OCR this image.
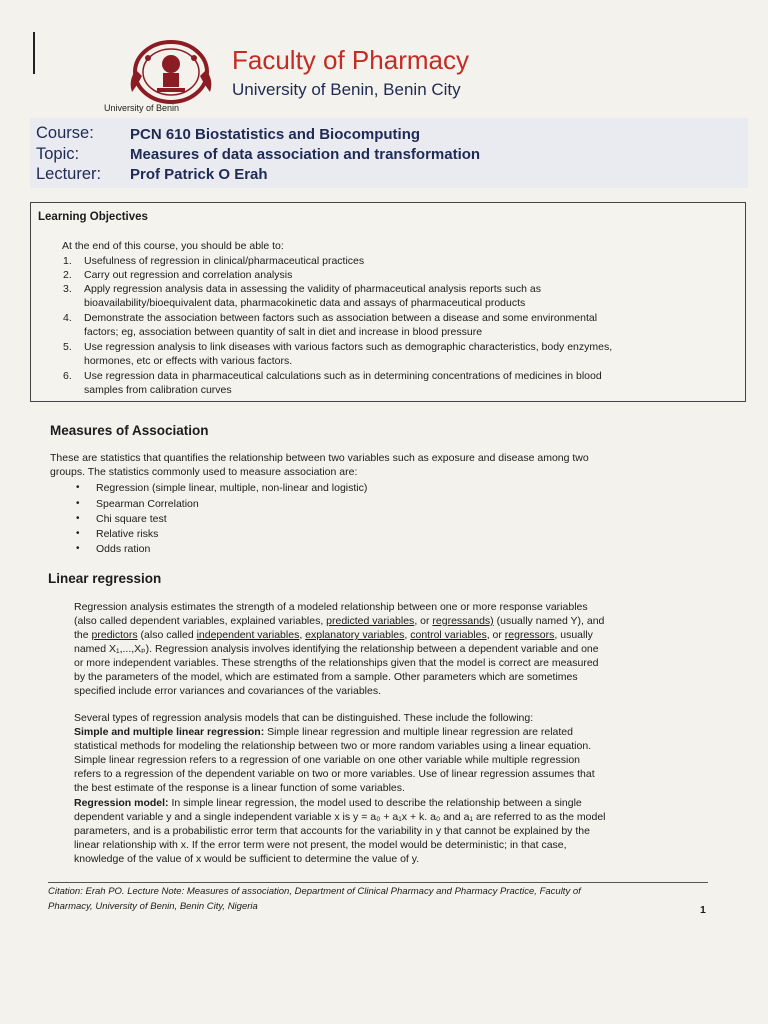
University of Benin
Faculty of Pharmacy
University of Benin, Benin City
Course: PCN 610 Biostatistics and Biocomputing
Topic:	Measures of data association and transformation
Lecturer: Prof Patrick O Erah
Learning Objectives
At the end of this course, you should be able to:
1. Usefulness of regression in clinical/pharmaceutical practices
2. Carry out regression and correlation analysis
3. Apply regression analysis data in assessing the validity of pharmaceutical analysis reports such as
bioavailability/bioequivalent data, pharmacokinetic data and assays of pharmaceutical products
4. Demonstrate the association between factors such as association between a disease and some environmental
factors; eg, association between quantity of salt in diet and increase in blood pressure
5. Use regression analysis to link diseases with various factors such as demographic characteristics, body enzymes,
hormones, etc or effects with various factors.
6. Use regression data in pharmaceutical calculations such as in determining concentrations of medicines in blood
samples from calibration curves
Measures of Association
These are statistics that quantifies the relationship between two variables such as exposure and disease among two
groups. The statistics commonly used to measure association are:
• Regression (simple linear, multiple, non-linear and logistic)
• Spearman Correlation
• Chi square test
• Relative risks
• Odds ration
Linear regression
Regression analysis estimates the strength of a modeled relationship between one or more response variables
(also called dependent variables, explained variables, predicted variables, or regressands) (usually named Y), and
the predictors (also called independent variables, explanatory variables, control variables, or regressors, usually
named X₁,...,Xₚ). Regression analysis involves identifying the relationship between a dependent variable and one
or more independent variables. These strengths of the relationships given that the model is correct are measured
by the parameters of the model, which are estimated from a sample. Other parameters which are sometimes
specified include error variances and covariances of the variables.
Several types of regression analysis models that can be distinguished. These include the following:
Simple and multiple linear regression: Simple linear regression and multiple linear regression are related
statistical methods for modeling the relationship between two or more random variables using a linear equation.
Simple linear regression refers to a regression of one variable on one other variable while multiple regression
refers to a regression of the dependent variable on two or more variables. Use of linear regression assumes that
the best estimate of the response is a linear function of some variables.
Regression model: In simple linear regression, the model used to describe the relationship between a single
dependent variable y and a single independent variable x is y = a₀ + a₁x + k. a₀ and a₁ are referred to as the model
parameters, and is a probabilistic error term that accounts for the variability in y that cannot be explained by the
linear relationship with x. If the error term were not present, the model would be deterministic; in that case,
knowledge of the value of x would be sufficient to determine the value of y.
Citation: Erah PO. Lecture Note: Measures of association, Department of Clinical Pharmacy and Pharmacy Practice, Faculty of
Pharmacy, University of Benin, Benin City, Nigeria	1
